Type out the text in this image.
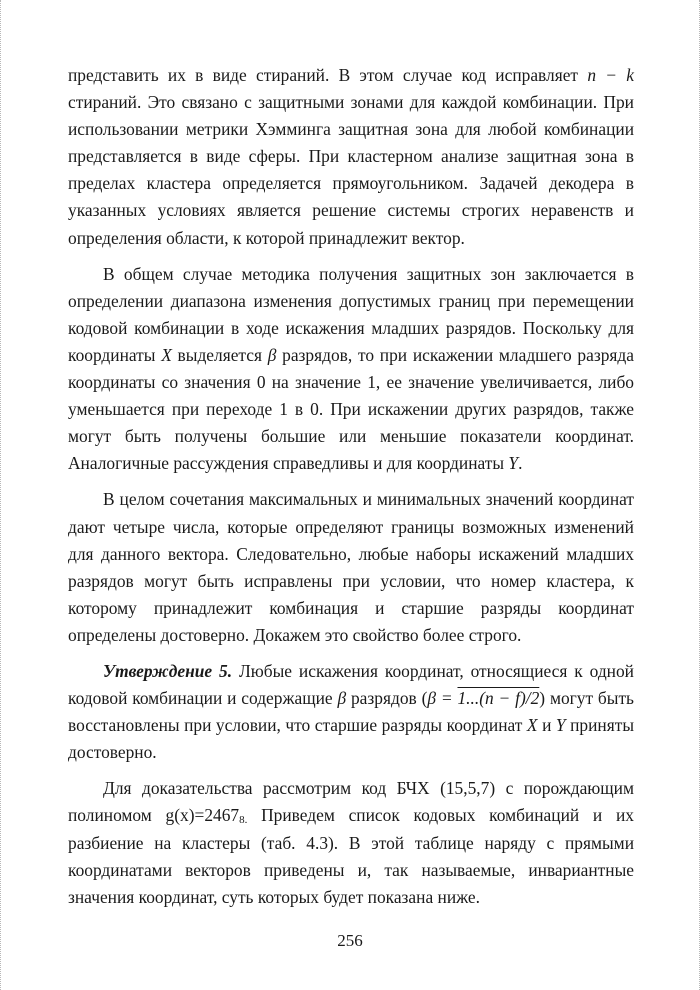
представить их в виде стираний. В этом случае код исправляет n − k стираний. Это связано с защитными зонами для каждой комбинации. При использовании метрики Хэмминга защитная зона для любой комбинации представляется в виде сферы. При кластерном анализе защитная зона в пределах кластера определяется прямоугольником. Задачей декодера в указанных условиях является решение системы строгих неравенств и определения области, к которой принадлежит вектор.

В общем случае методика получения защитных зон заключается в определении диапазона изменения допустимых границ при перемещении кодовой комбинации в ходе искажения младших разрядов. Поскольку для координаты X выделяется β разрядов, то при искажении младшего разряда координаты со значения 0 на значение 1, ее значение увеличивается, либо уменьшается при переходе 1 в 0. При искажении других разрядов, также могут быть получены большие или меньшие показатели координат. Аналогичные рассуждения справедливы и для координаты Y.

В целом сочетания максимальных и минимальных значений координат дают четыре числа, которые определяют границы возможных изменений для данного вектора. Следовательно, любые наборы искажений младших разрядов могут быть исправлены при условии, что номер кластера, к которому принадлежит комбинация и старшие разряды координат определены достоверно. Докажем это свойство более строго.

Утверждение 5. Любые искажения координат, относящиеся к одной кодовой комбинации и содержащие β разрядов (β = 1...(n − f)/2) могут быть восстановлены при условии, что старшие разряды координат X и Y приняты достоверно.

Для доказательства рассмотрим код БЧХ (15,5,7) с порождающим полиномом $g(x)=2467_{8.}$ Приведем список кодовых комбинаций и их разбиение на кластеры (таб. 4.3). В этой таблице наряду с прямыми координатами векторов приведены и, так называемые, инвариантные значения координат, суть которых будет показана ниже.

256
